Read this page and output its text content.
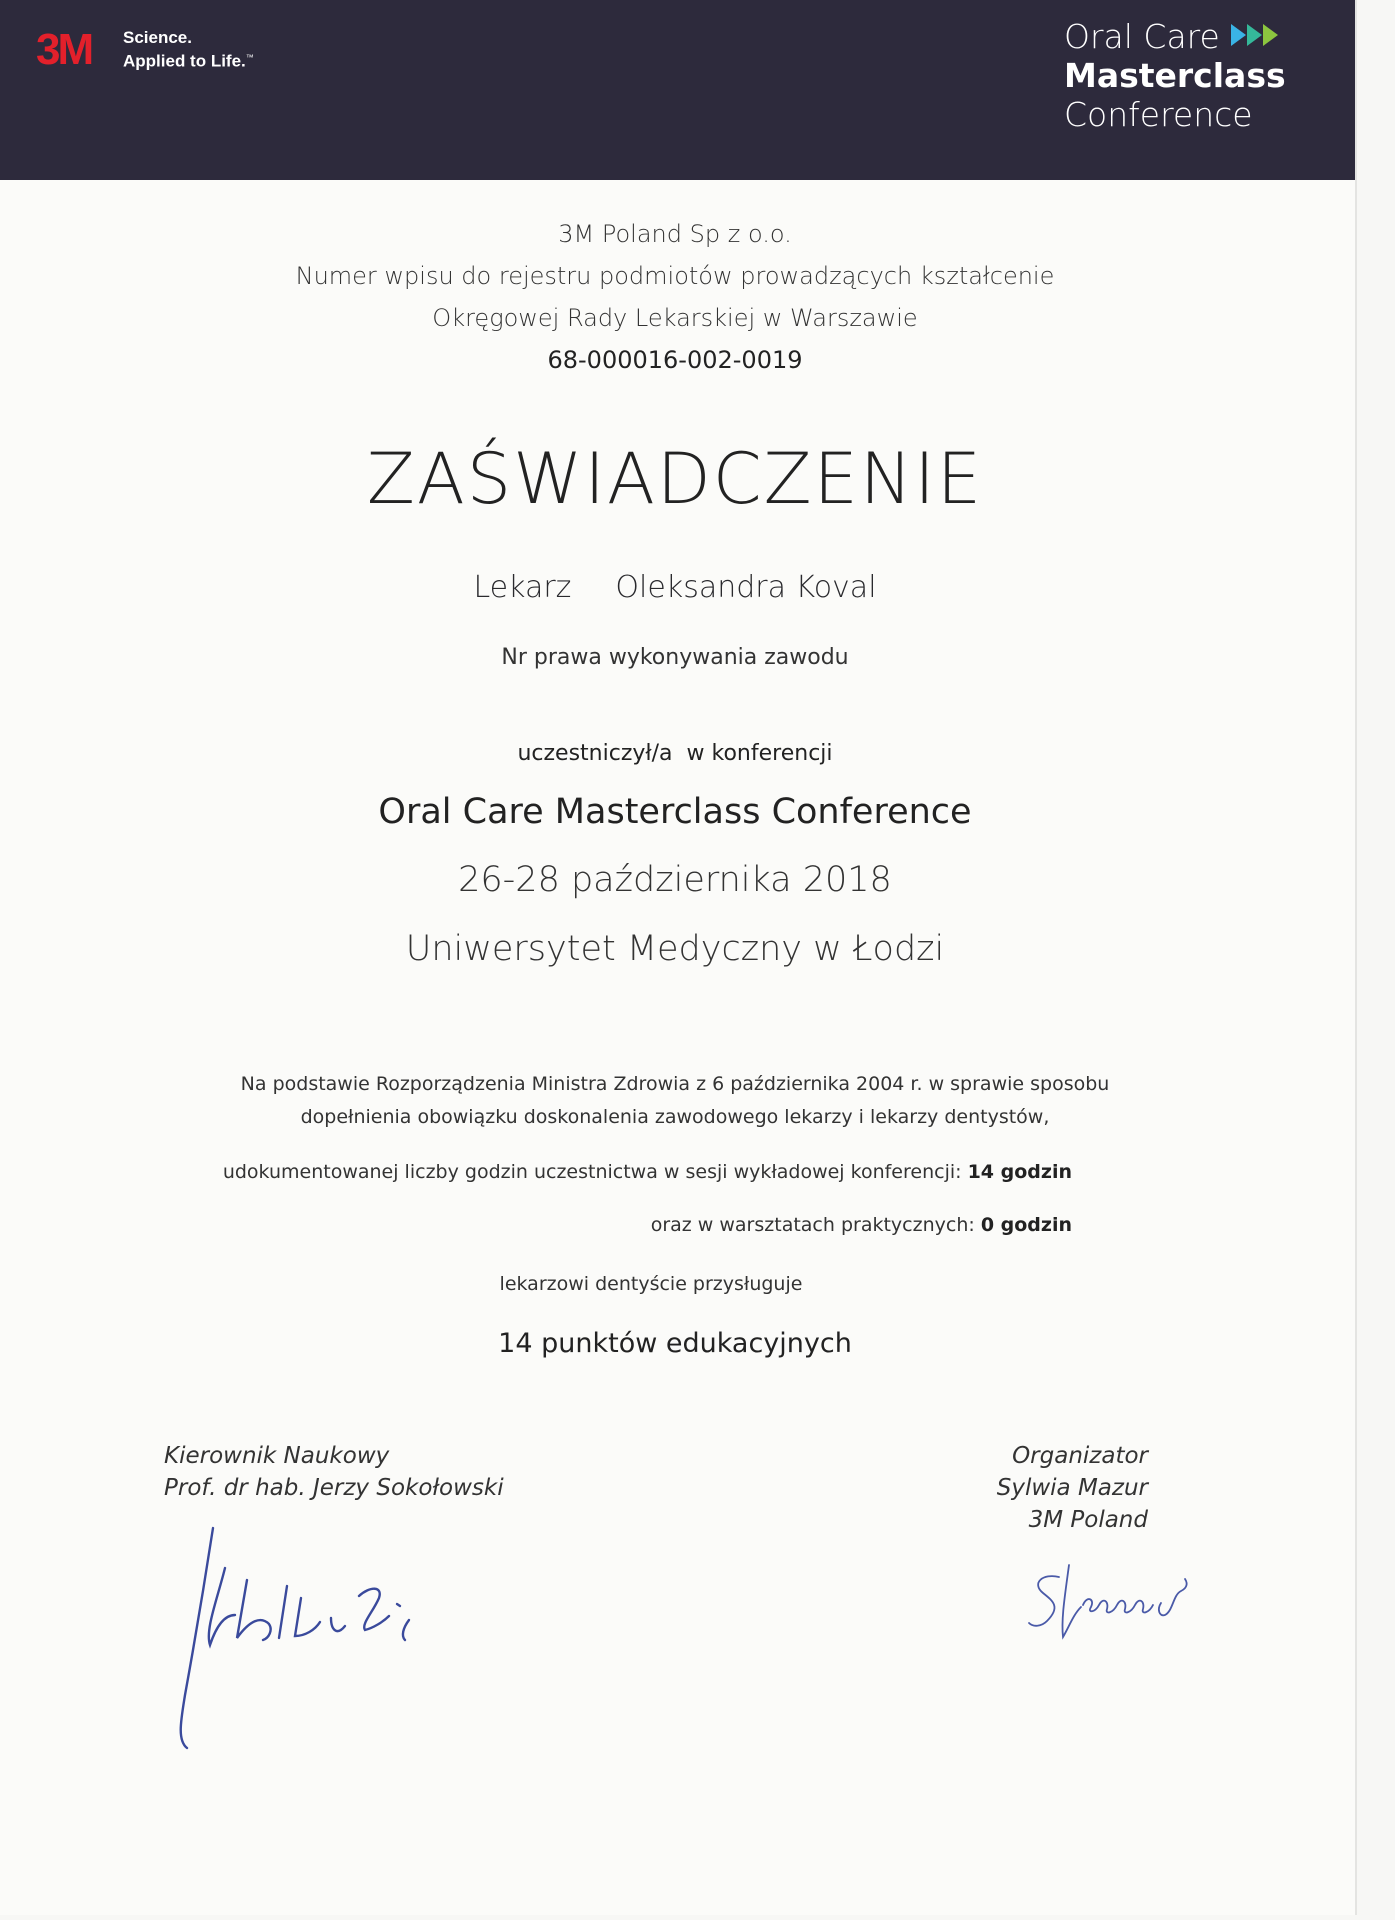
3M Science.
Applied to Life.™
Oral Care
Masterclass
Conference
3M Poland Sp z o.o.
Numer wpisu do rejestru podmiotów prowadzących kształcenie
Okręgowej Rady Lekarskiej w Warszawie
68-000016-002-0019
ZAŚWIADCZENIE
Lekarz Oleksandra Koval
Nr prawa wykonywania zawodu
uczestniczył/a  w konferencji
Oral Care Masterclass Conference
26-28 października 2018
Uniwersytet Medyczny w Łodzi
Na podstawie Rozporządzenia Ministra Zdrowia z 6 października 2004 r. w sprawie sposobu
dopełnienia obowiązku doskonalenia zawodowego lekarzy i lekarzy dentystów,
udokumentowanej liczby godzin uczestnictwa w sesji wykładowej konferencji: 14 godzin
oraz w warsztatach praktycznych: 0 godzin
lekarzowi dentyście przysługuje
14 punktów edukacyjnych
Kierownik Naukowy
Prof. dr hab. Jerzy Sokołowski
Organizator
Sylwia Mazur
3M Poland
